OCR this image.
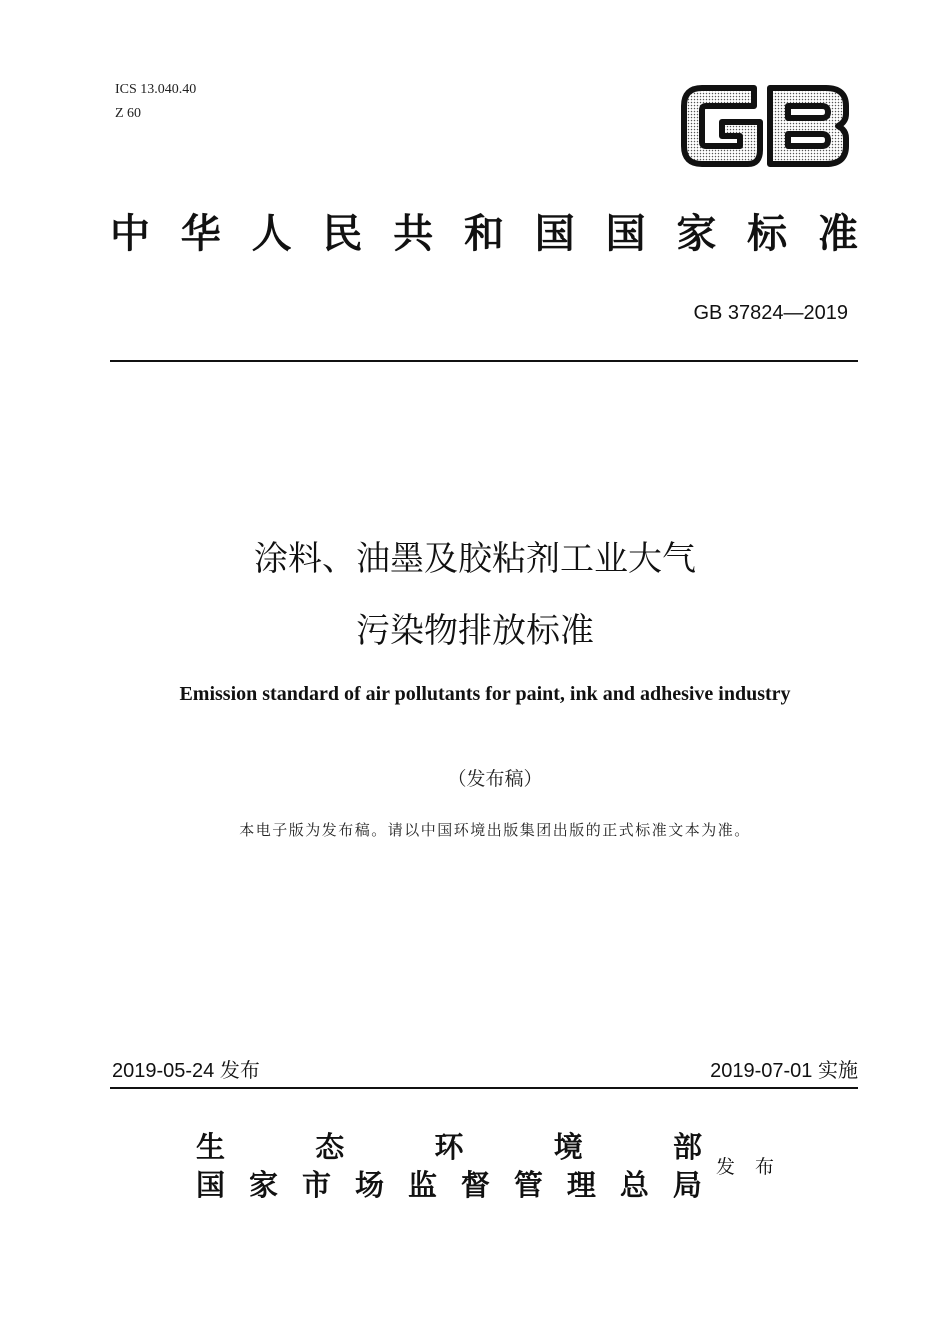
ICS 13.040.40
Z 60
中 华 人 民 共 和 国 国 家 标 准
GB 37824—2019
涂料、油墨及胶粘剂工业大气
污染物排放标准
Emission standard of air pollutants for paint, ink and adhesive industry
（发布稿）
本电子版为发布稿。请以中国环境出版集团出版的正式标准文本为准。
2019-05-24 发布	2019-07-01 实施
生	态	环	境	部
国 家 市 场 监 督 管 理 总 局
发布
